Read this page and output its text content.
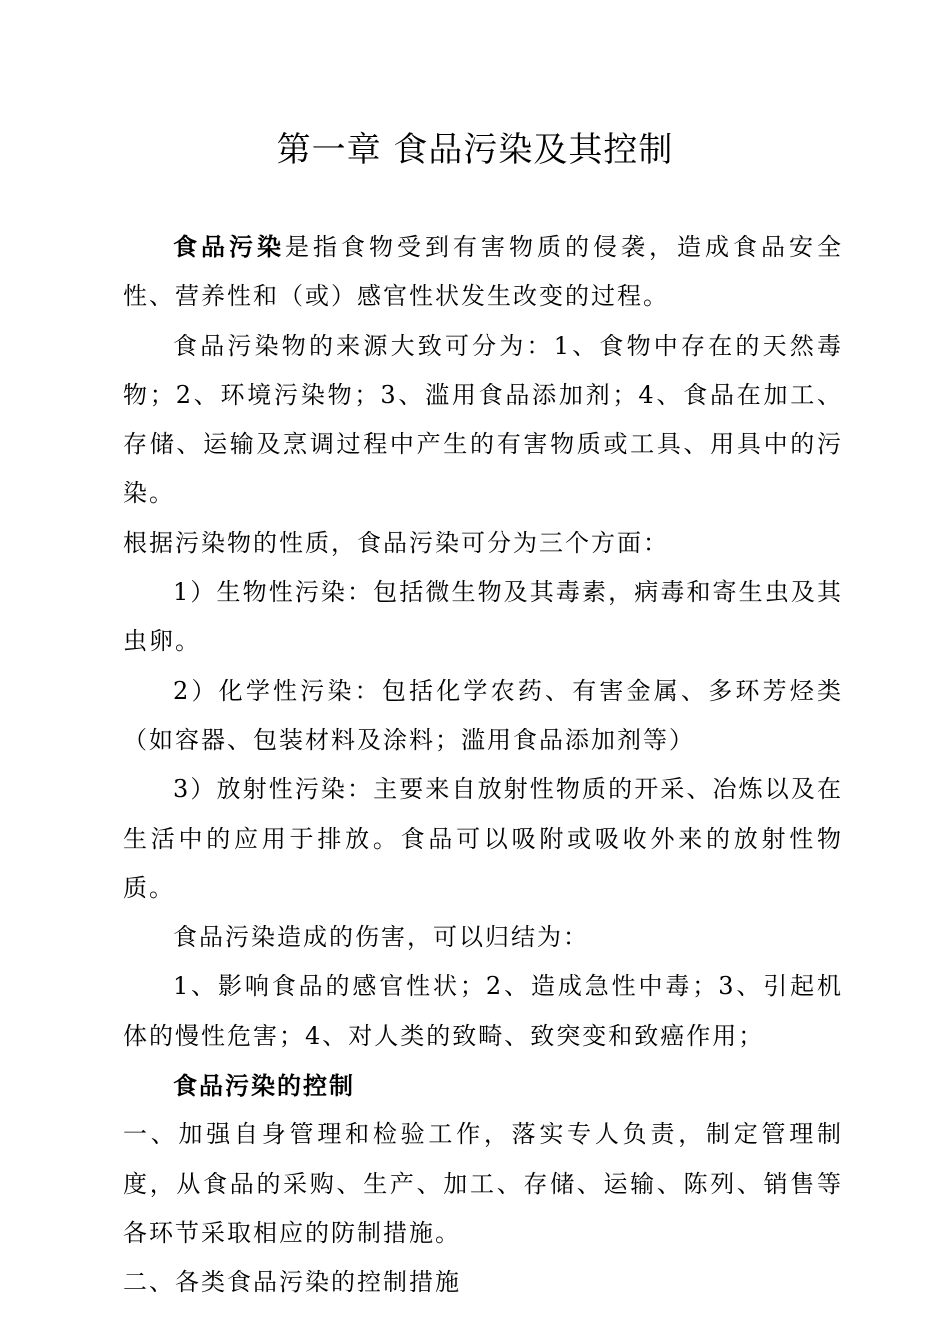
第一章 食品污染及其控制

食品污染是指食物受到有害物质的侵袭，造成食品安全性、营养性和（或）感官性状发生改变的过程。

食品污染物的来源大致可分为：1、食物中存在的天然毒物；2、环境污染物；3、滥用食品添加剂；4、食品在加工、存储、运输及烹调过程中产生的有害物质或工具、用具中的污染。

根据污染物的性质，食品污染可分为三个方面：

1）生物性污染：包括微生物及其毒素，病毒和寄生虫及其虫卵。

2）化学性污染：包括化学农药、有害金属、多环芳烃类（如容器、包装材料及涂料；滥用食品添加剂等）

3）放射性污染：主要来自放射性物质的开采、冶炼以及在生活中的应用于排放。食品可以吸附或吸收外来的放射性物质。

食品污染造成的伤害，可以归结为：

1、影响食品的感官性状；2、造成急性中毒；3、引起机体的慢性危害；4、对人类的致畸、致突变和致癌作用；

食品污染的控制

一、加强自身管理和检验工作，落实专人负责，制定管理制度，从食品的采购、生产、加工、存储、运输、陈列、销售等各环节采取相应的防制措施。

二、各类食品污染的控制措施
